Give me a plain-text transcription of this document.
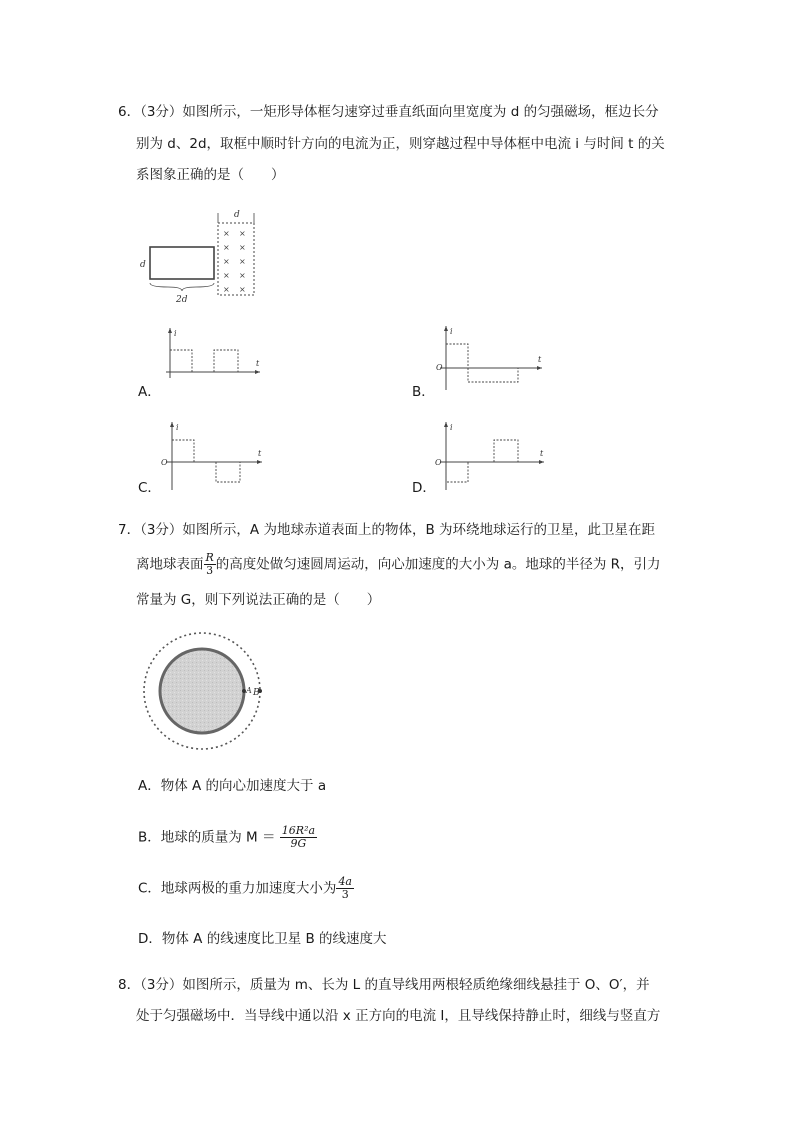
6．（3分）如图所示，一矩形导体框匀速穿过垂直纸面向里宽度为 d 的匀强磁场，框边长分
别为 d、2d，取框中顺时针方向的电流为正，则穿越过程中导体框中电流 i 与时间 t 的关
系图象正确的是（　　）
d
× ×
× ×
× ×
× ×
× ×
d
2d
A．
i
t
B．
i
t
O
C．
i
t
O
D．
i
t
O
7．（3分）如图所示，A 为地球赤道表面上的物体，B 为环绕地球运行的卫星，此卫星在距
离地球表面 $\frac{R}{3}$ 的高度处做匀速圆周运动，向心加速度的大小为 a。地球的半径为 R，引力
常量为 G，则下列说法正确的是（　　）
A B
A．物体 A 的向心加速度大于 a
B．地球的质量为 $M = \frac{\text{16R²a}}{9G}$
C．地球两极的重力加速度大小为 $\frac{4a}{3}$
D．物体 A 的线速度比卫星 B 的线速度大
8．（3分）如图所示，质量为 m、长为 L 的直导线用两根轻质绝缘细线悬挂于 O、O′，并
处于匀强磁场中．当导线中通以沿 x 正方向的电流 I，且导线保持静止时，细线与竖直方
